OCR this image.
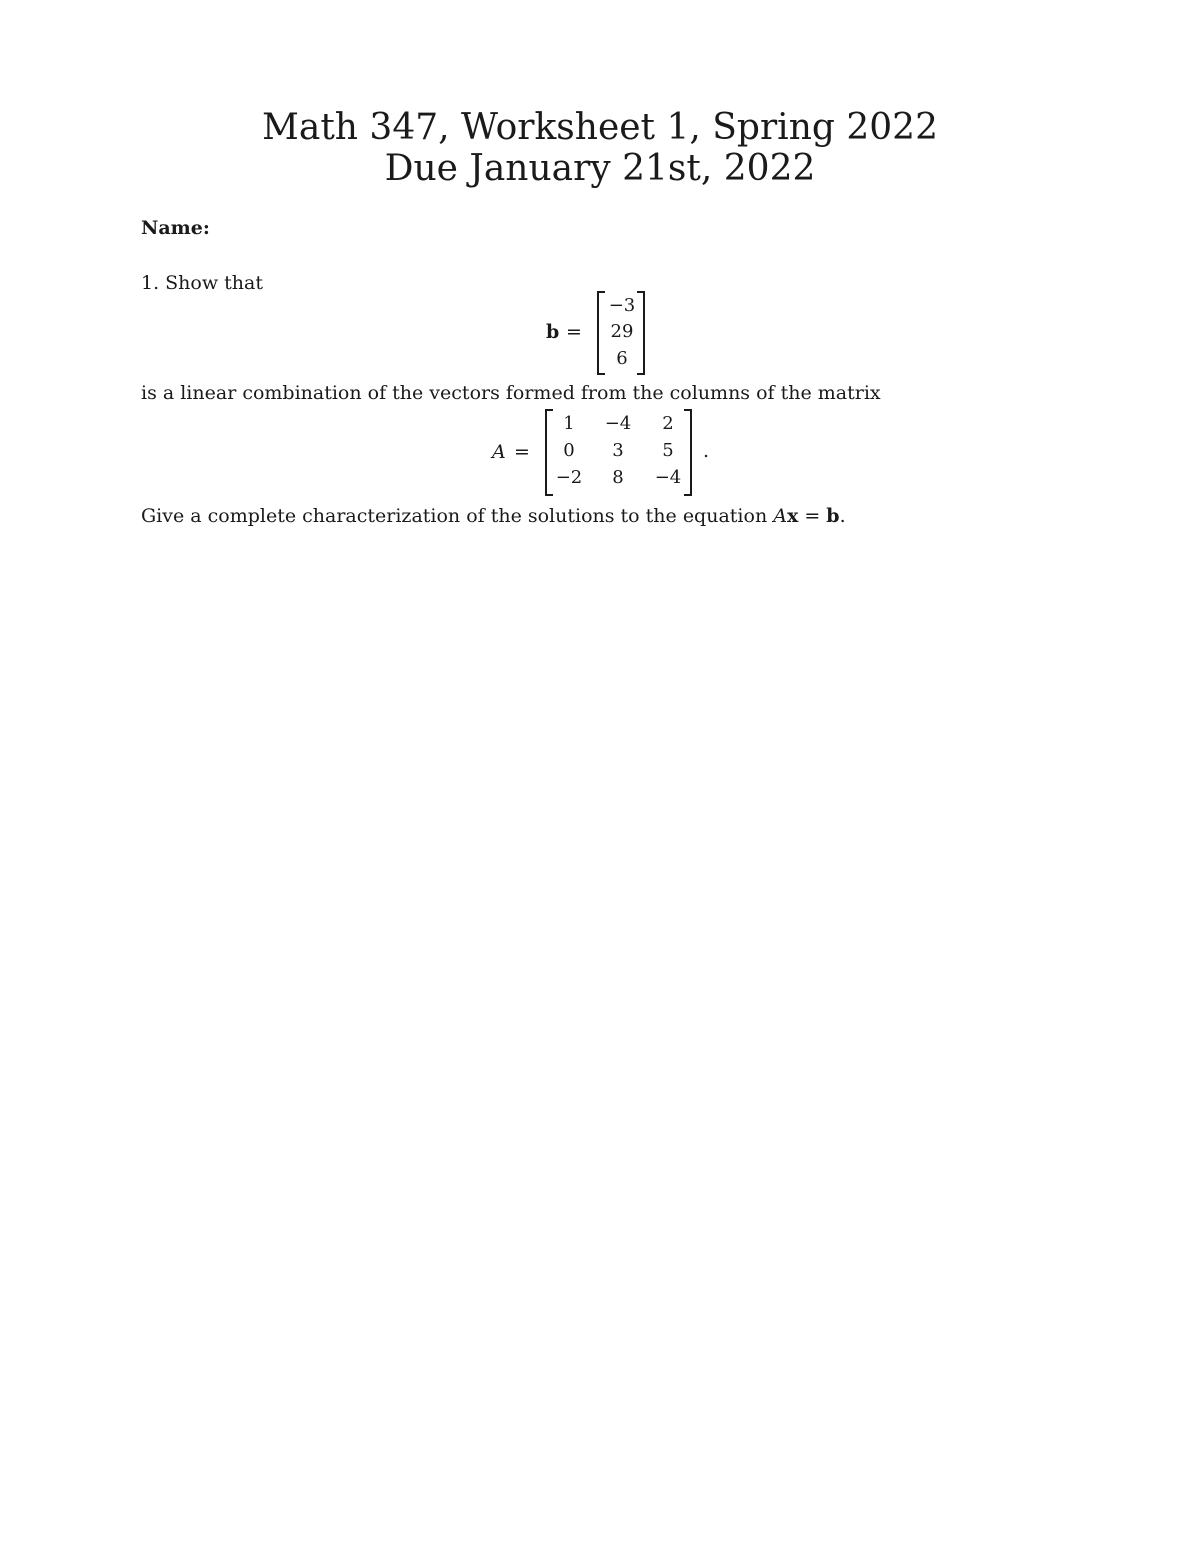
Math 347, Worksheet 1, Spring 2022
Due January 21st, 2022
Name:
1. Show that
b =
−3
29
6
is a linear combination of the vectors formed from the columns of the matrix
A =
1	−4	2
0	3	5
−2	8	−4
.
Give a complete characterization of the solutions to the equation Ax = b.
